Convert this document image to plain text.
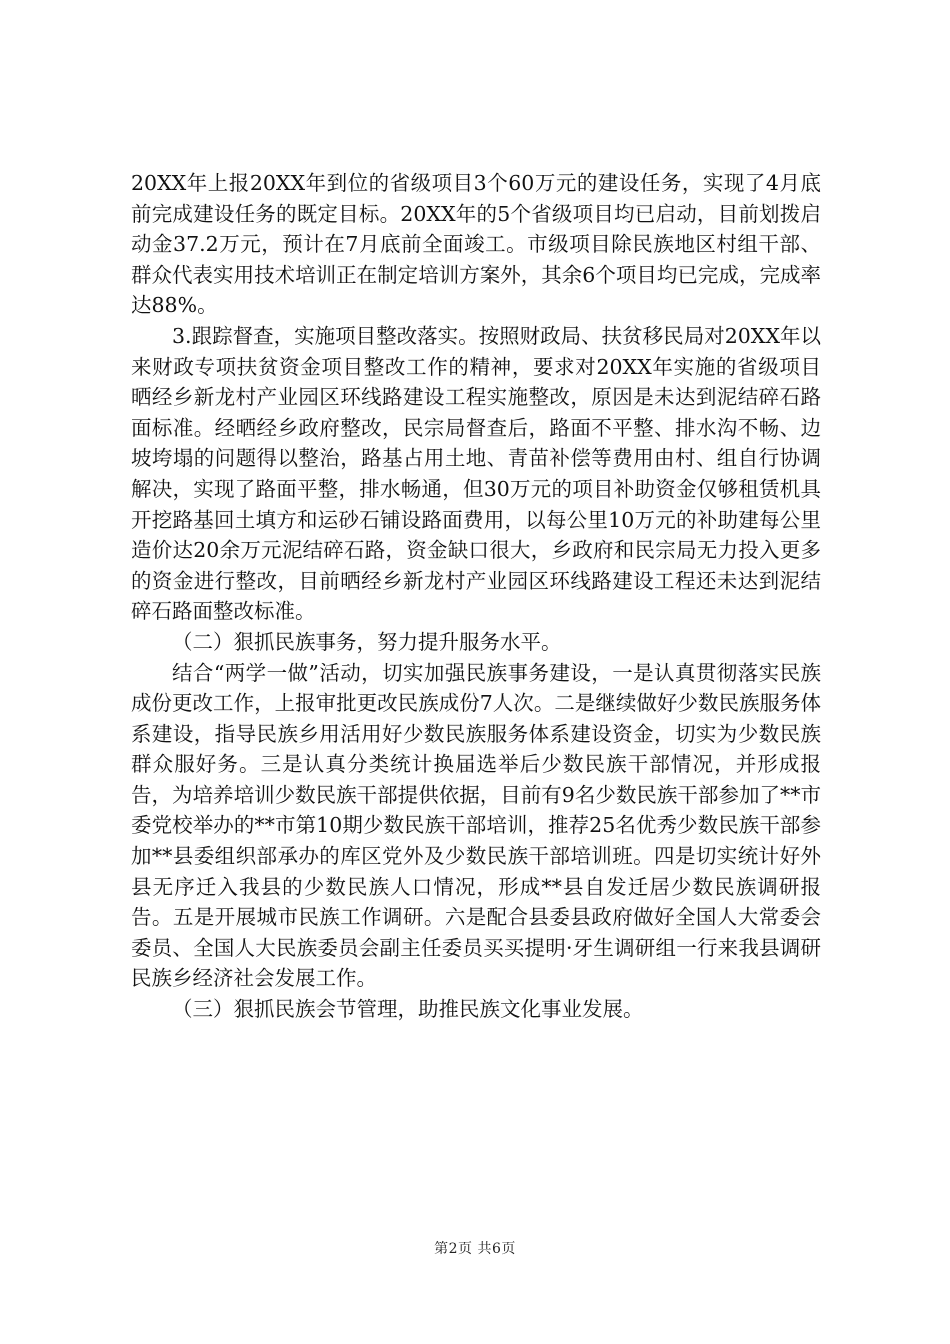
20XX年上报20XX年到位的省级项目3个60万元的建设任务，实现了4月底前完成建设任务的既定目标。20XX年的5个省级项目均已启动，目前划拨启动金37.2万元，预计在7月底前全面竣工。市级项目除民族地区村组干部、群众代表实用技术培训正在制定培训方案外，其余6个项目均已完成，完成率达88%。

3.跟踪督查，实施项目整改落实。按照财政局、扶贫移民局对20XX年以来财政专项扶贫资金项目整改工作的精神，要求对20XX年实施的省级项目晒经乡新龙村产业园区环线路建设工程实施整改，原因是未达到泥结碎石路面标准。经晒经乡政府整改，民宗局督查后，路面不平整、排水沟不畅、边坡垮塌的问题得以整治，路基占用土地、青苗补偿等费用由村、组自行协调解决，实现了路面平整，排水畅通，但30万元的项目补助资金仅够租赁机具开挖路基回土填方和运砂石铺设路面费用，以每公里10万元的补助建每公里造价达20余万元泥结碎石路，资金缺口很大，乡政府和民宗局无力投入更多的资金进行整改，目前晒经乡新龙村产业园区环线路建设工程还未达到泥结碎石路面整改标准。

（二）狠抓民族事务，努力提升服务水平。

结合“两学一做”活动，切实加强民族事务建设，一是认真贯彻落实民族成份更改工作，上报审批更改民族成份7人次。二是继续做好少数民族服务体系建设，指导民族乡用活用好少数民族服务体系建设资金，切实为少数民族群众服好务。三是认真分类统计换届选举后少数民族干部情况，并形成报告，为培养培训少数民族干部提供依据，目前有9名少数民族干部参加了**市委党校举办的**市第10期少数民族干部培训，推荐25名优秀少数民族干部参加**县委组织部承办的库区党外及少数民族干部培训班。四是切实统计好外县无序迁入我县的少数民族人口情况，形成**县自发迁居少数民族调研报告。五是开展城市民族工作调研。六是配合县委县政府做好全国人大常委会委员、全国人大民族委员会副主任委员买买提明·牙生调研组一行来我县调研民族乡经济社会发展工作。

（三）狠抓民族会节管理，助推民族文化事业发展。

第2页 共6页
